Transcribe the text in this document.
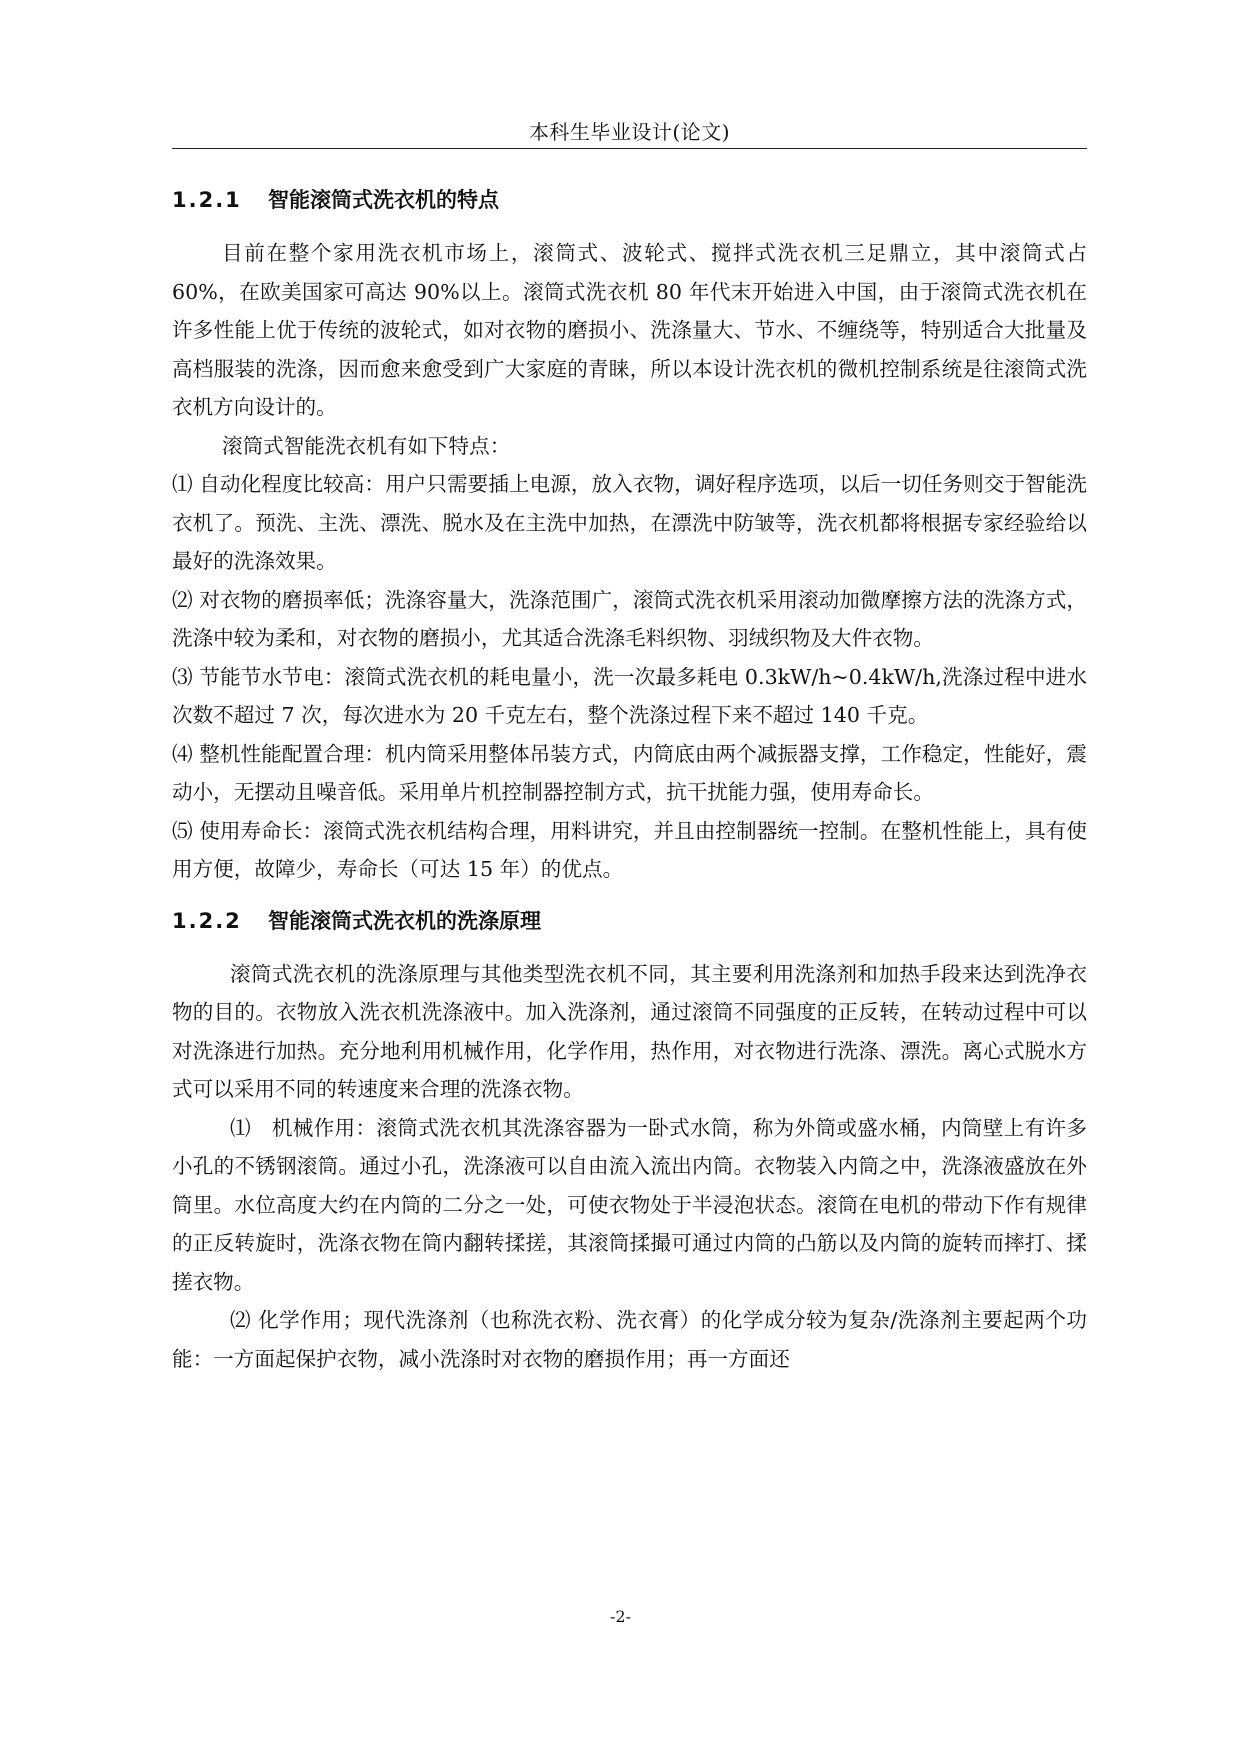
本科生毕业设计(论文)
1.2.1 智能滚筒式洗衣机的特点

目前在整个家用洗衣机市场上，滚筒式、波轮式、搅拌式洗衣机三足鼎立，其中滚筒式占 60%，在欧美国家可高达 90%以上。滚筒式洗衣机 80 年代末开始进入中国，由于滚筒式洗衣机在许多性能上优于传统的波轮式，如对衣物的磨损小、洗涤量大、节水、不缠绕等，特别适合大批量及高档服装的洗涤，因而愈来愈受到广大家庭的青睐，所以本设计洗衣机的微机控制系统是往滚筒式洗衣机方向设计的。

滚筒式智能洗衣机有如下特点：

⑴ 自动化程度比较高：用户只需要插上电源，放入衣物，调好程序选项，以后一切任务则交于智能洗衣机了。预洗、主洗、漂洗、脱水及在主洗中加热，在漂洗中防皱等，洗衣机都将根据专家经验给以最好的洗涤效果。

⑵ 对衣物的磨损率低；洗涤容量大，洗涤范围广，滚筒式洗衣机采用滚动加微摩擦方法的洗涤方式，洗涤中较为柔和，对衣物的磨损小，尤其适合洗涤毛料织物、羽绒织物及大件衣物。

⑶ 节能节水节电：滚筒式洗衣机的耗电量小，洗一次最多耗电 0.3kW/h~0.4kW/h,洗涤过程中进水次数不超过 7 次，每次进水为 20 千克左右，整个洗涤过程下来不超过 140 千克。

⑷ 整机性能配置合理：机内筒采用整体吊装方式，内筒底由两个减振器支撑，工作稳定，性能好，震动小，无摆动且噪音低。采用单片机控制器控制方式，抗干扰能力强，使用寿命长。

⑸ 使用寿命长：滚筒式洗衣机结构合理，用料讲究，并且由控制器统一控制。在整机性能上，具有使用方便，故障少，寿命长（可达 15 年）的优点。

1.2.2 智能滚筒式洗衣机的洗涤原理

滚筒式洗衣机的洗涤原理与其他类型洗衣机不同，其主要利用洗涤剂和加热手段来达到洗净衣物的目的。衣物放入洗衣机洗涤液中。加入洗涤剂，通过滚筒不同强度的正反转，在转动过程中可以对洗涤进行加热。充分地利用机械作用，化学作用，热作用，对衣物进行洗涤、漂洗。离心式脱水方式可以采用不同的转速度来合理的洗涤衣物。

⑴　机械作用：滚筒式洗衣机其洗涤容器为一卧式水筒，称为外筒或盛水桶，内筒壁上有许多小孔的不锈钢滚筒。通过小孔，洗涤液可以自由流入流出内筒。衣物装入内筒之中，洗涤液盛放在外筒里。水位高度大约在内筒的二分之一处，可使衣物处于半浸泡状态。滚筒在电机的带动下作有规律的正反转旋时，洗涤衣物在筒内翻转揉搓，其滚筒揉撮可通过内筒的凸筋以及内筒的旋转而摔打、揉搓衣物。

⑵ 化学作用；现代洗涤剂（也称洗衣粉、洗衣膏）的化学成分较为复杂/洗涤剂主要起两个功能：一方面起保护衣物，减小洗涤时对衣物的磨损作用；再一方面还

-2-
